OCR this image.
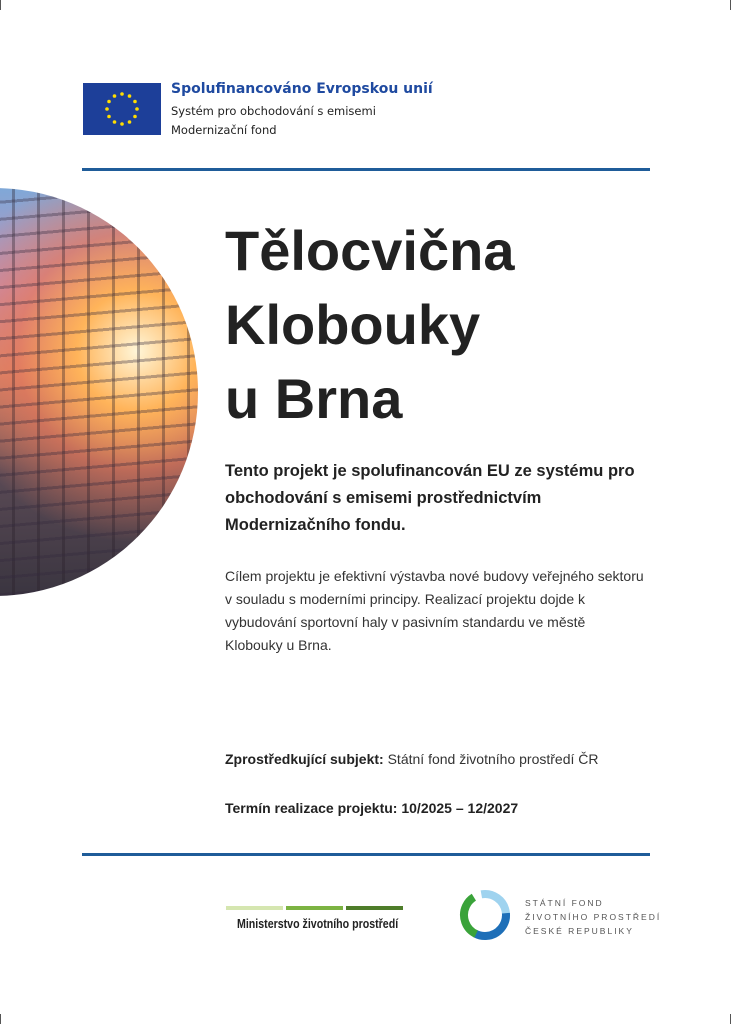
Spolufinancováno Evropskou unií
Systém pro obchodování s emisemi
Modernizační fond
Tělocvična
Klobouky
u Brna
Tento projekt je spolufinancován EU ze systému pro obchodování s emisemi prostřednictvím Modernizačního fondu.
Cílem projektu je efektivní výstavba nové budovy veřejného sektoru v souladu s moderními principy. Realizací projektu dojde k vybudování sportovní haly v pasivním standardu ve městě Klobouky u Brna.
Zprostředkující subjekt: Státní fond životního prostředí ČR
Termín realizace projektu: 10/2025 – 12/2027
Ministerstvo životního prostředí
STÁTNÍ FOND
ŽIVOTNÍHO PROSTŘEDÍ
ČESKÉ REPUBLIKY
